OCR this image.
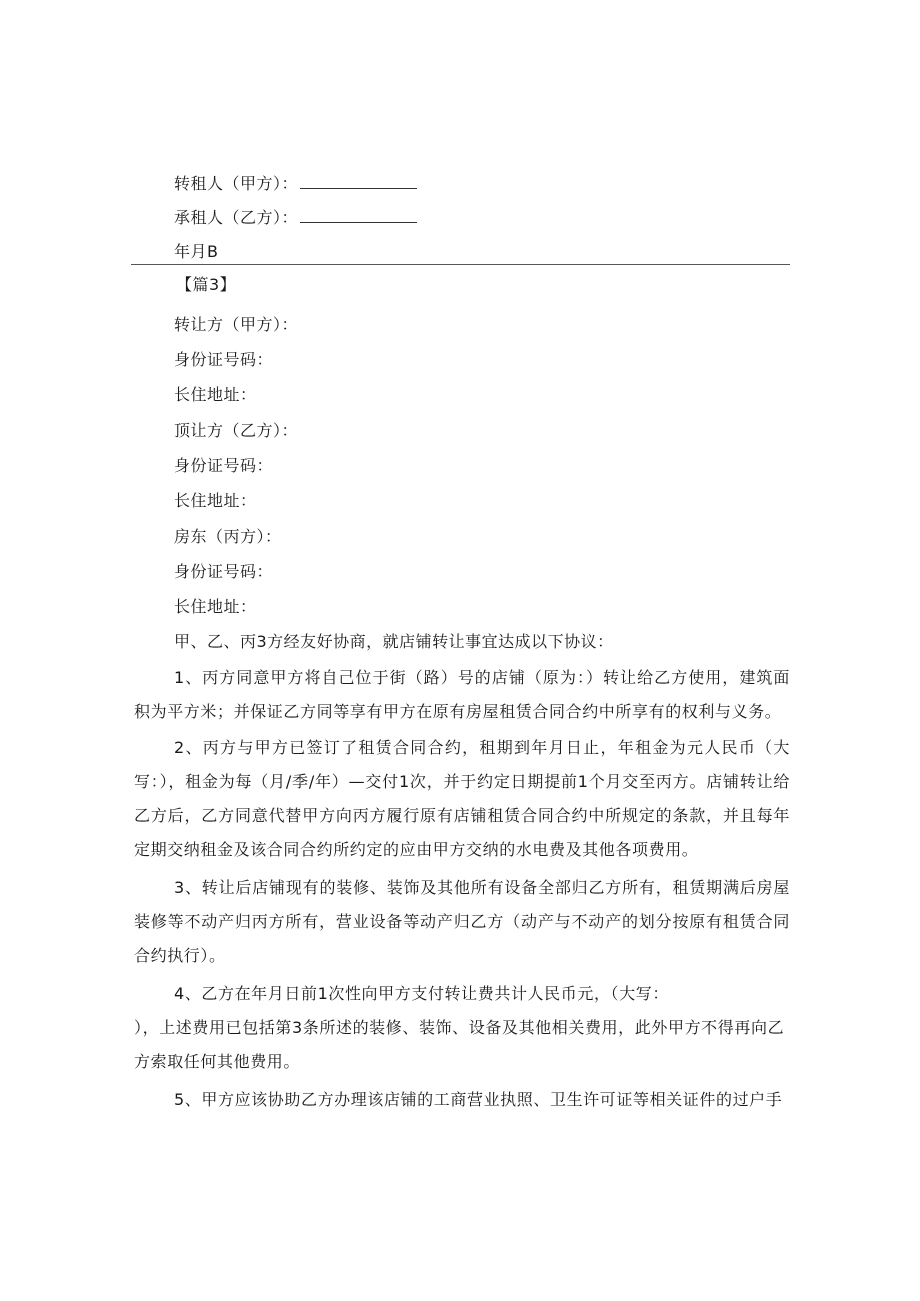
转租人（甲方）：
承租人（乙方）：
年月B
【篇3】
转让方（甲方）：
身份证号码：
长住地址：
顶让方（乙方）：
身份证号码：
长住地址：
房东（丙方）：
身份证号码：
长住地址：
甲、乙、丙3方经友好协商，就店铺转让事宜达成以下协议：
1、丙方同意甲方将自己位于街（路）号的店铺（原为：）转让给乙方使用，建筑面积为平方米；并保证乙方同等享有甲方在原有房屋租赁合同合约中所享有的权利与义务。
2、丙方与甲方已签订了租赁合同合约，租期到年月日止，年租金为元人民币（大写：），租金为每（月/季/年）—交付1次，并于约定日期提前1个月交至丙方。店铺转让给乙方后，乙方同意代替甲方向丙方履行原有店铺租赁合同合约中所规定的条款，并且每年定期交纳租金及该合同合约所约定的应由甲方交纳的水电费及其他各项费用。
3、转让后店铺现有的装修、装饰及其他所有设备全部归乙方所有，租赁期满后房屋装修等不动产归丙方所有，营业设备等动产归乙方（动产与不动产的划分按原有租赁合同合约执行）。
4、乙方在年月日前1次性向甲方支付转让费共计人民币元，（大写：
），上述费用已包括第3条所述的装修、装饰、设备及其他相关费用，此外甲方不得再向乙方索取任何其他费用。
5、甲方应该协助乙方办理该店铺的工商营业执照、卫生许可证等相关证件的过户手
